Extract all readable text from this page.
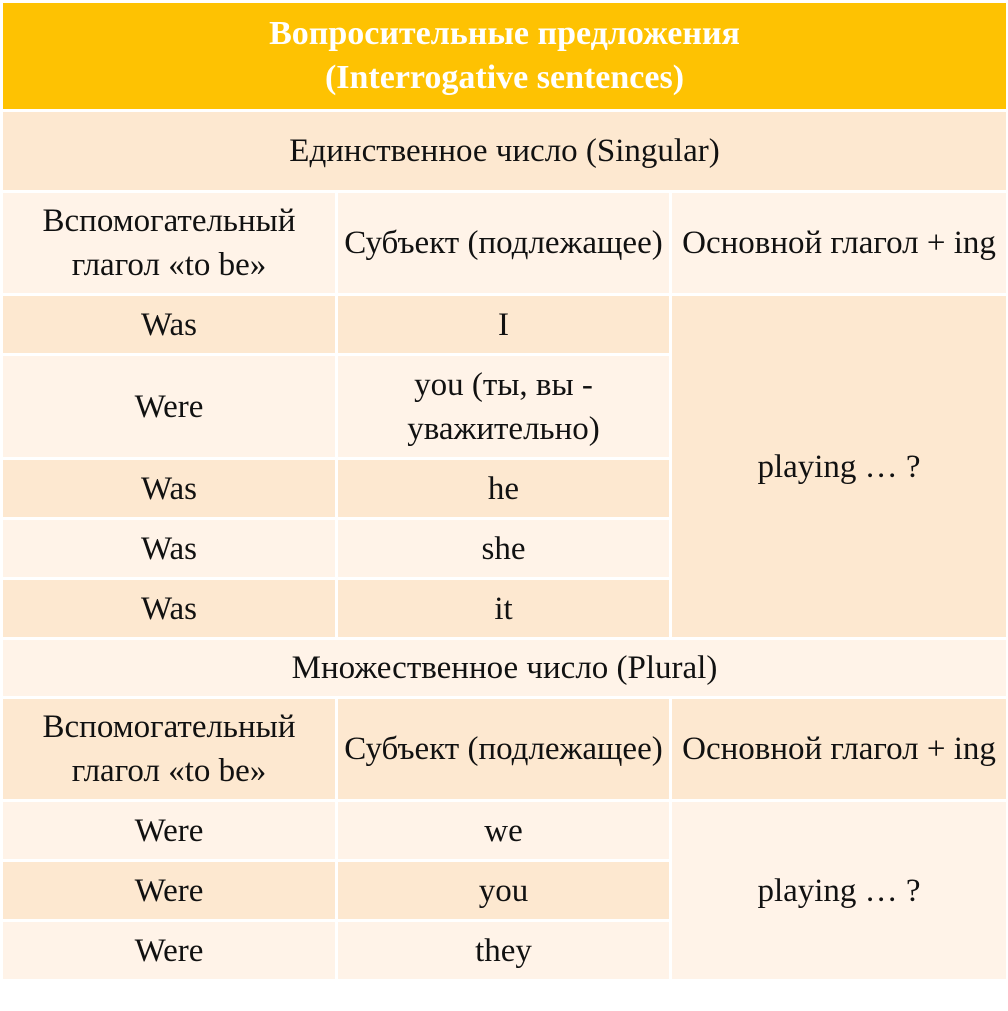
Вопросительные предложения
(Interrogative sentences)		

Единственное число (Singular)		
Вспомогательный глагол «to be»	Субъект (подлежащее)	Основной глагол + ing
Was	I	playing … ?
Were	you (ты, вы - уважительно)	
Was	he	
Was	she	
Was	it	
Множественное число (Plural)		
Вспомогательный глагол «to be»	Субъект (подлежащее)	Основной глагол + ing
Were	we	playing … ?
Were	you	
Were	they	
